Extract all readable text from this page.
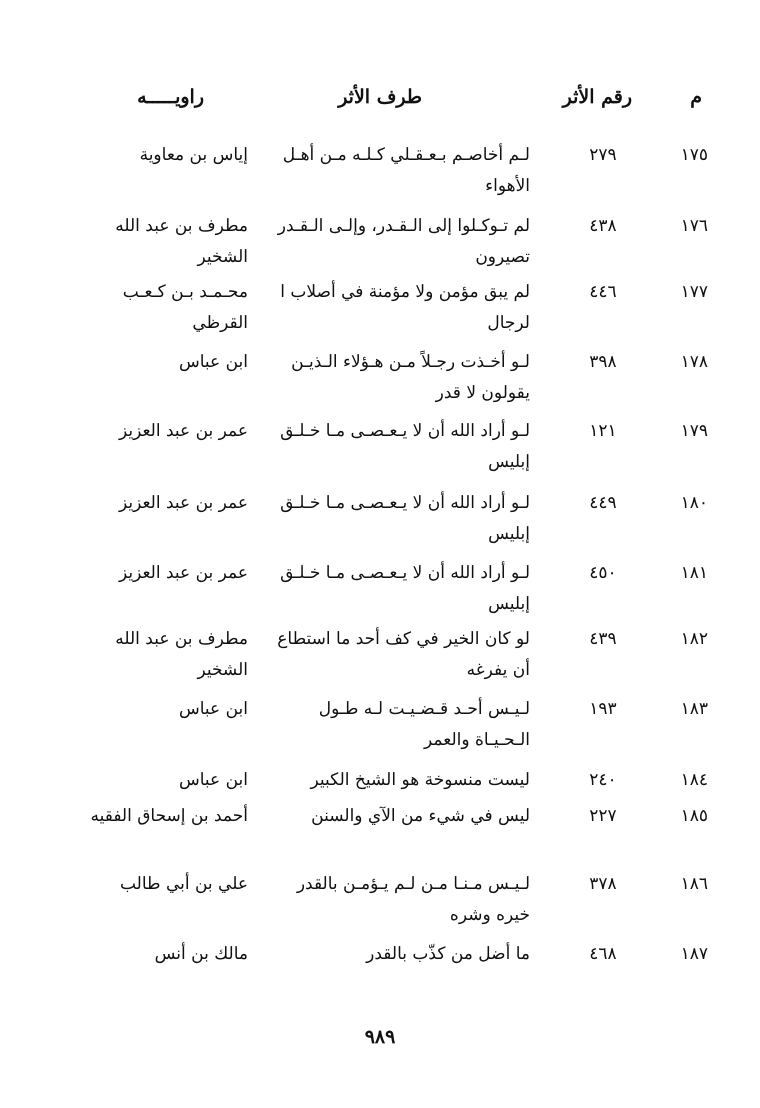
م
رقم الأثر
طرف الأثر
راويـــــه
١٧٥
٢٧٩
لـم أخاصـم بـعـقـلي كـلـه مـن أهـل الأهواء
إياس بن معاوية
١٧٦
٤٣٨
لم تـوكـلوا إلى الـقـدر، وإلـى الـقـدر تصيرون
مطرف بن عبد الله الشخير
١٧٧
٤٤٦
لم يبق مؤمن ولا مؤمنة في أصلاب ا لرجال
محـمـد بـن كـعـب القرظي
١٧٨
٣٩٨
لـو أخـذت رجـلاً مـن هـؤلاء الـذيـن يقولون لا قدر
ابن عباس
١٧٩
١٢١
لـو أراد الله أن لا يـعـصـى مـا خـلـق إبليس
عمر بن عبد العزيز
١٨٠
٤٤٩
لـو أراد الله أن لا يـعـصـى مـا خـلـق إبليس
عمر بن عبد العزيز
١٨١
٤٥٠
لـو أراد الله أن لا يـعـصـى مـا خـلـق إبليس
عمر بن عبد العزيز
١٨٢
٤٣٩
لو كان الخير في كف أحد ما استطاع أن يفرغه
مطرف بن عبد الله الشخير
١٨٣
١٩٣
لـيـس أحـد قـضـيـت لـه طـول الـحـيـاة والعمر
ابن عباس
١٨٤
٢٤٠
ليست منسوخة هو الشيخ الكبير
ابن عباس
١٨٥
٢٢٧
ليس في شيء من الآي والسنن
أحمد بن إسحاق الفقيه
١٨٦
٣٧٨
لـيـس مـنـا مـن لـم يـؤمـن بالقدر خيره وشره
علي بن أبي طالب
١٨٧
٤٦٨
ما أضل من كذّب بالقدر
مالك بن أنس
٩٨٩
